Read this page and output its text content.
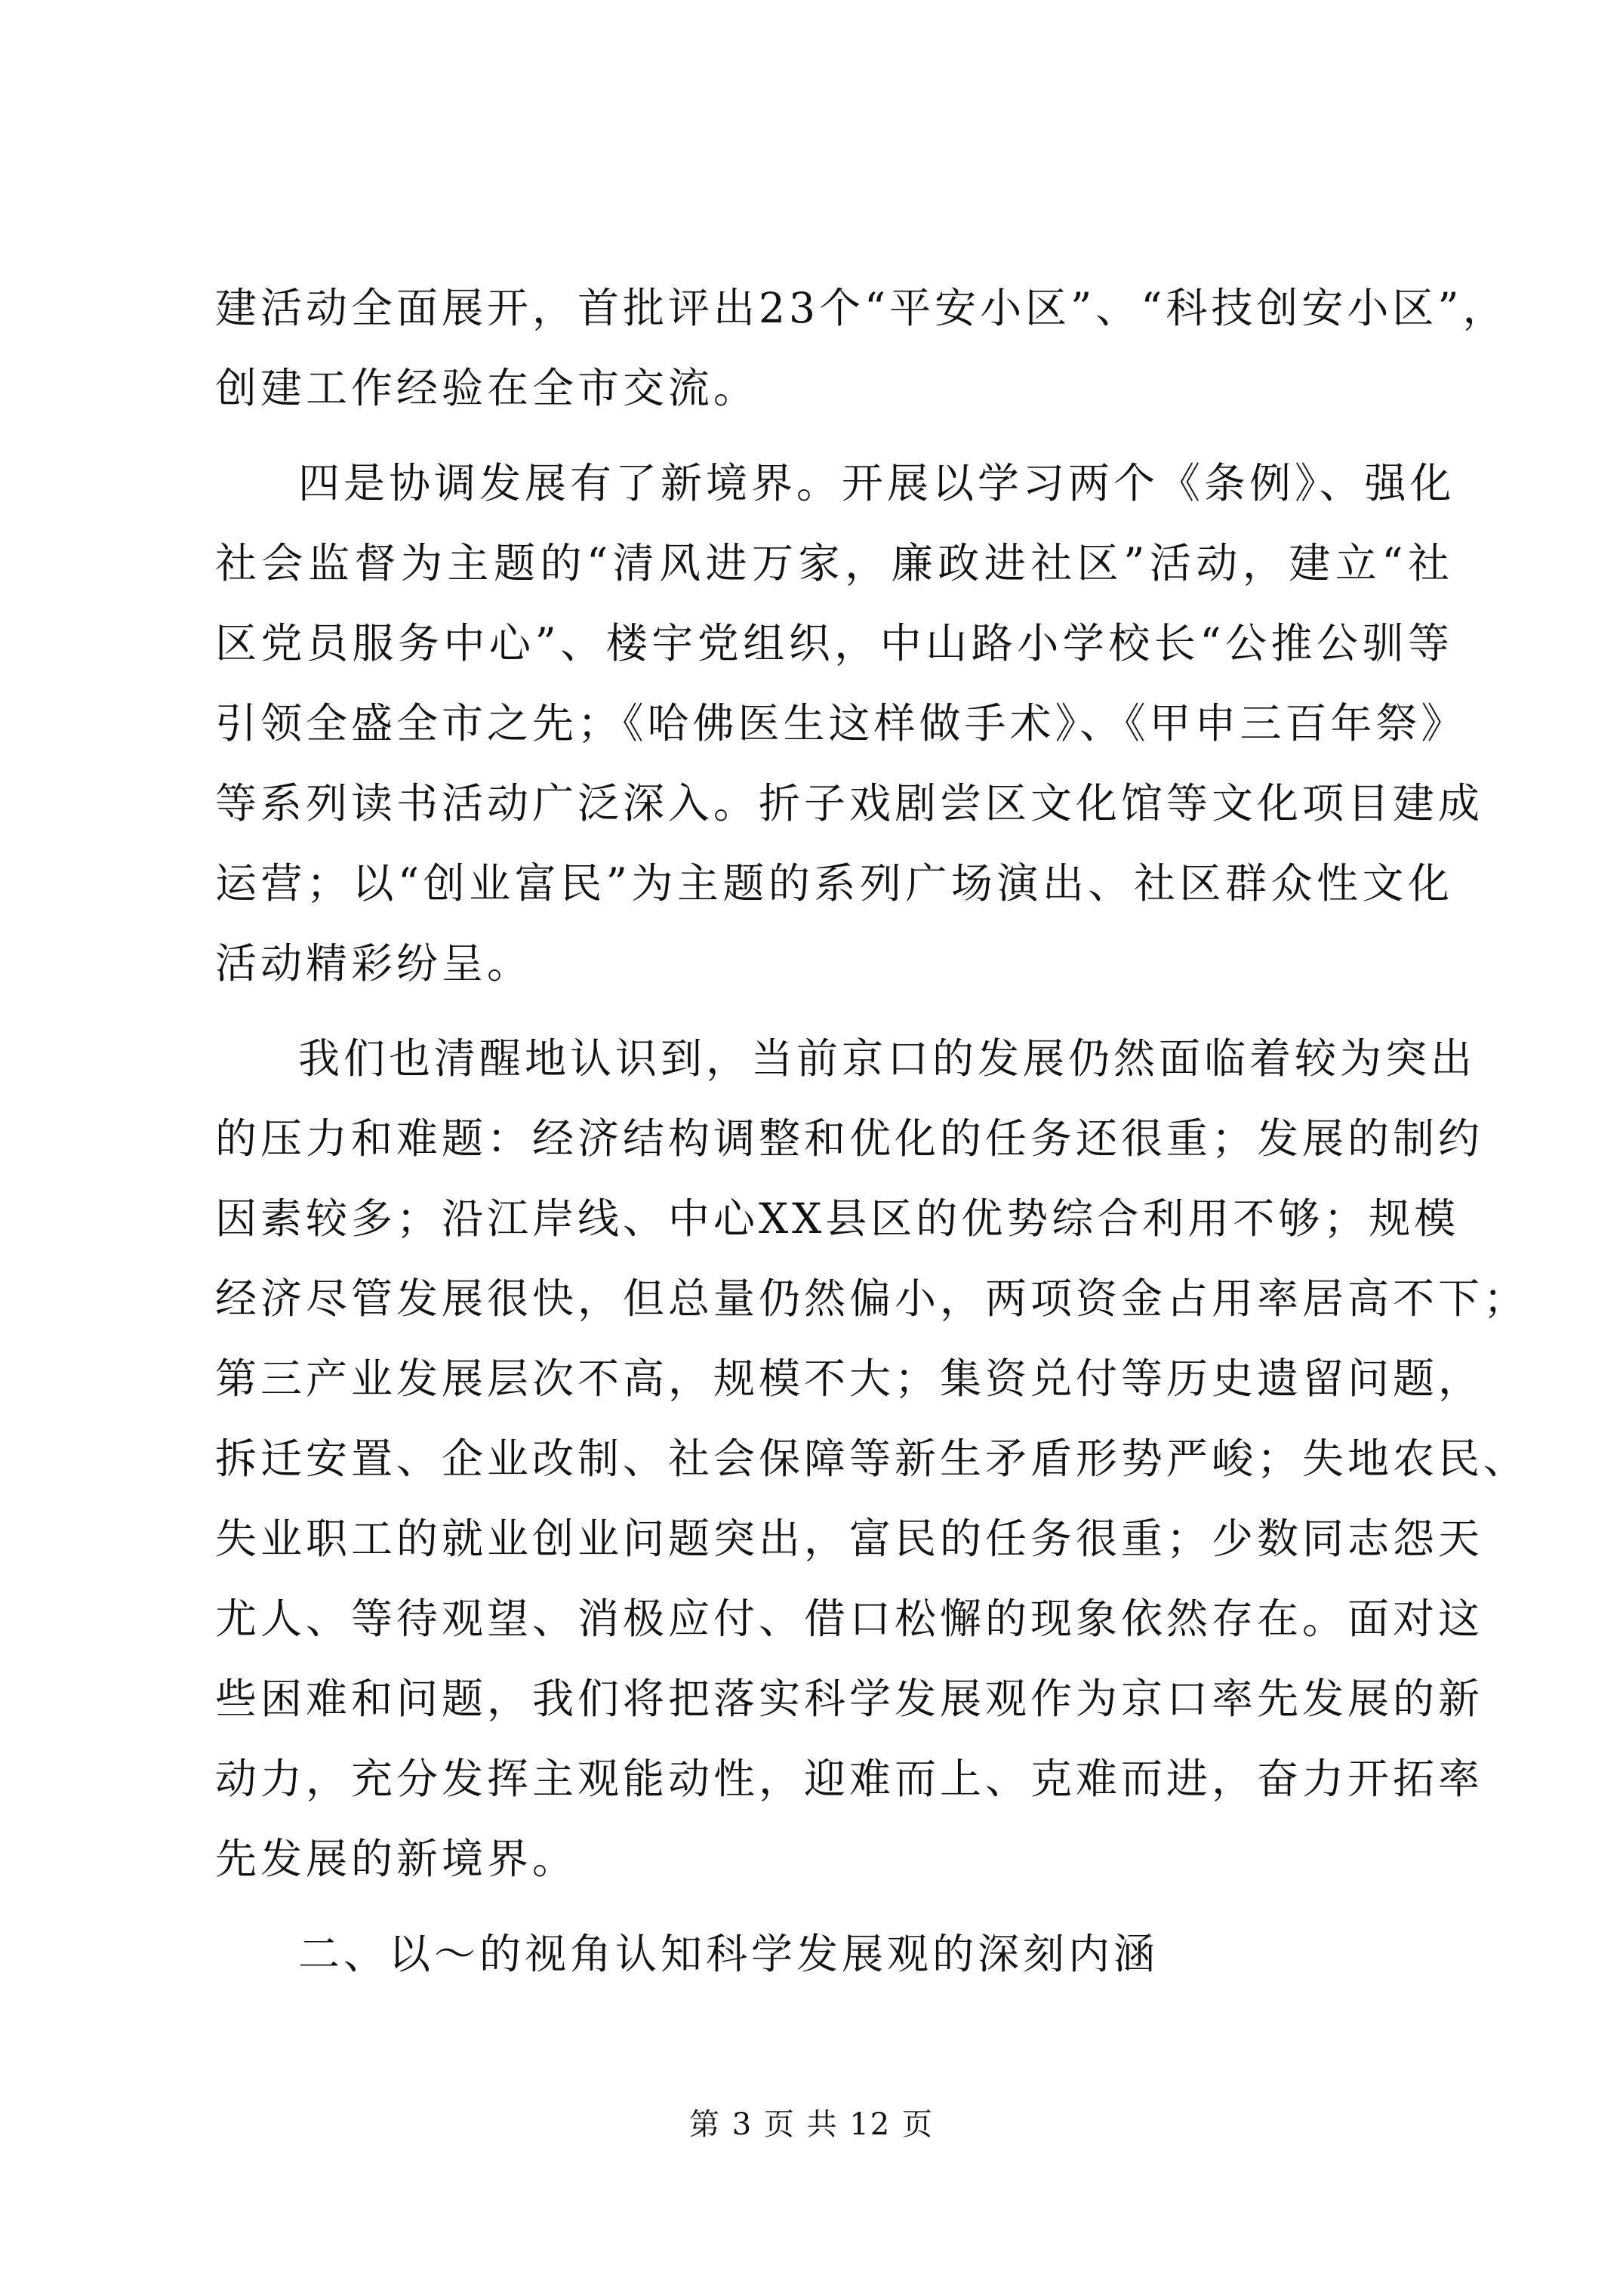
建活动全面展开，首批评出23个“平安小区”、“科技创安小区”，
创建工作经验在全市交流。

四是协调发展有了新境界。开展以学习两个《条例》、强化
社会监督为主题的“清风进万家，廉政进社区”活动，建立“社
区党员服务中心”、楼宇党组织，中山路小学校长“公推公驯等
引领全盛全市之先；《哈佛医生这样做手术》、《甲申三百年祭》
等系列读书活动广泛深入。折子戏剧尝区文化馆等文化项目建成
运营；以“创业富民”为主题的系列广场演出、社区群众性文化
活动精彩纷呈。

我们也清醒地认识到，当前京口的发展仍然面临着较为突出
的压力和难题：经济结构调整和优化的任务还很重；发展的制约
因素较多；沿江岸线、中心XX县区的优势综合利用不够；规模
经济尽管发展很快，但总量仍然偏小，两项资金占用率居高不下；
第三产业发展层次不高，规模不大；集资兑付等历史遗留问题，
拆迁安置、企业改制、社会保障等新生矛盾形势严峻；失地农民、
失业职工的就业创业问题突出，富民的任务很重；少数同志怨天
尤人、等待观望、消极应付、借口松懈的现象依然存在。面对这
些困难和问题，我们将把落实科学发展观作为京口率先发展的新
动力，充分发挥主观能动性，迎难而上、克难而进，奋力开拓率
先发展的新境界。

二、以～的视角认知科学发展观的深刻内涵

第 3 页 共 12 页
